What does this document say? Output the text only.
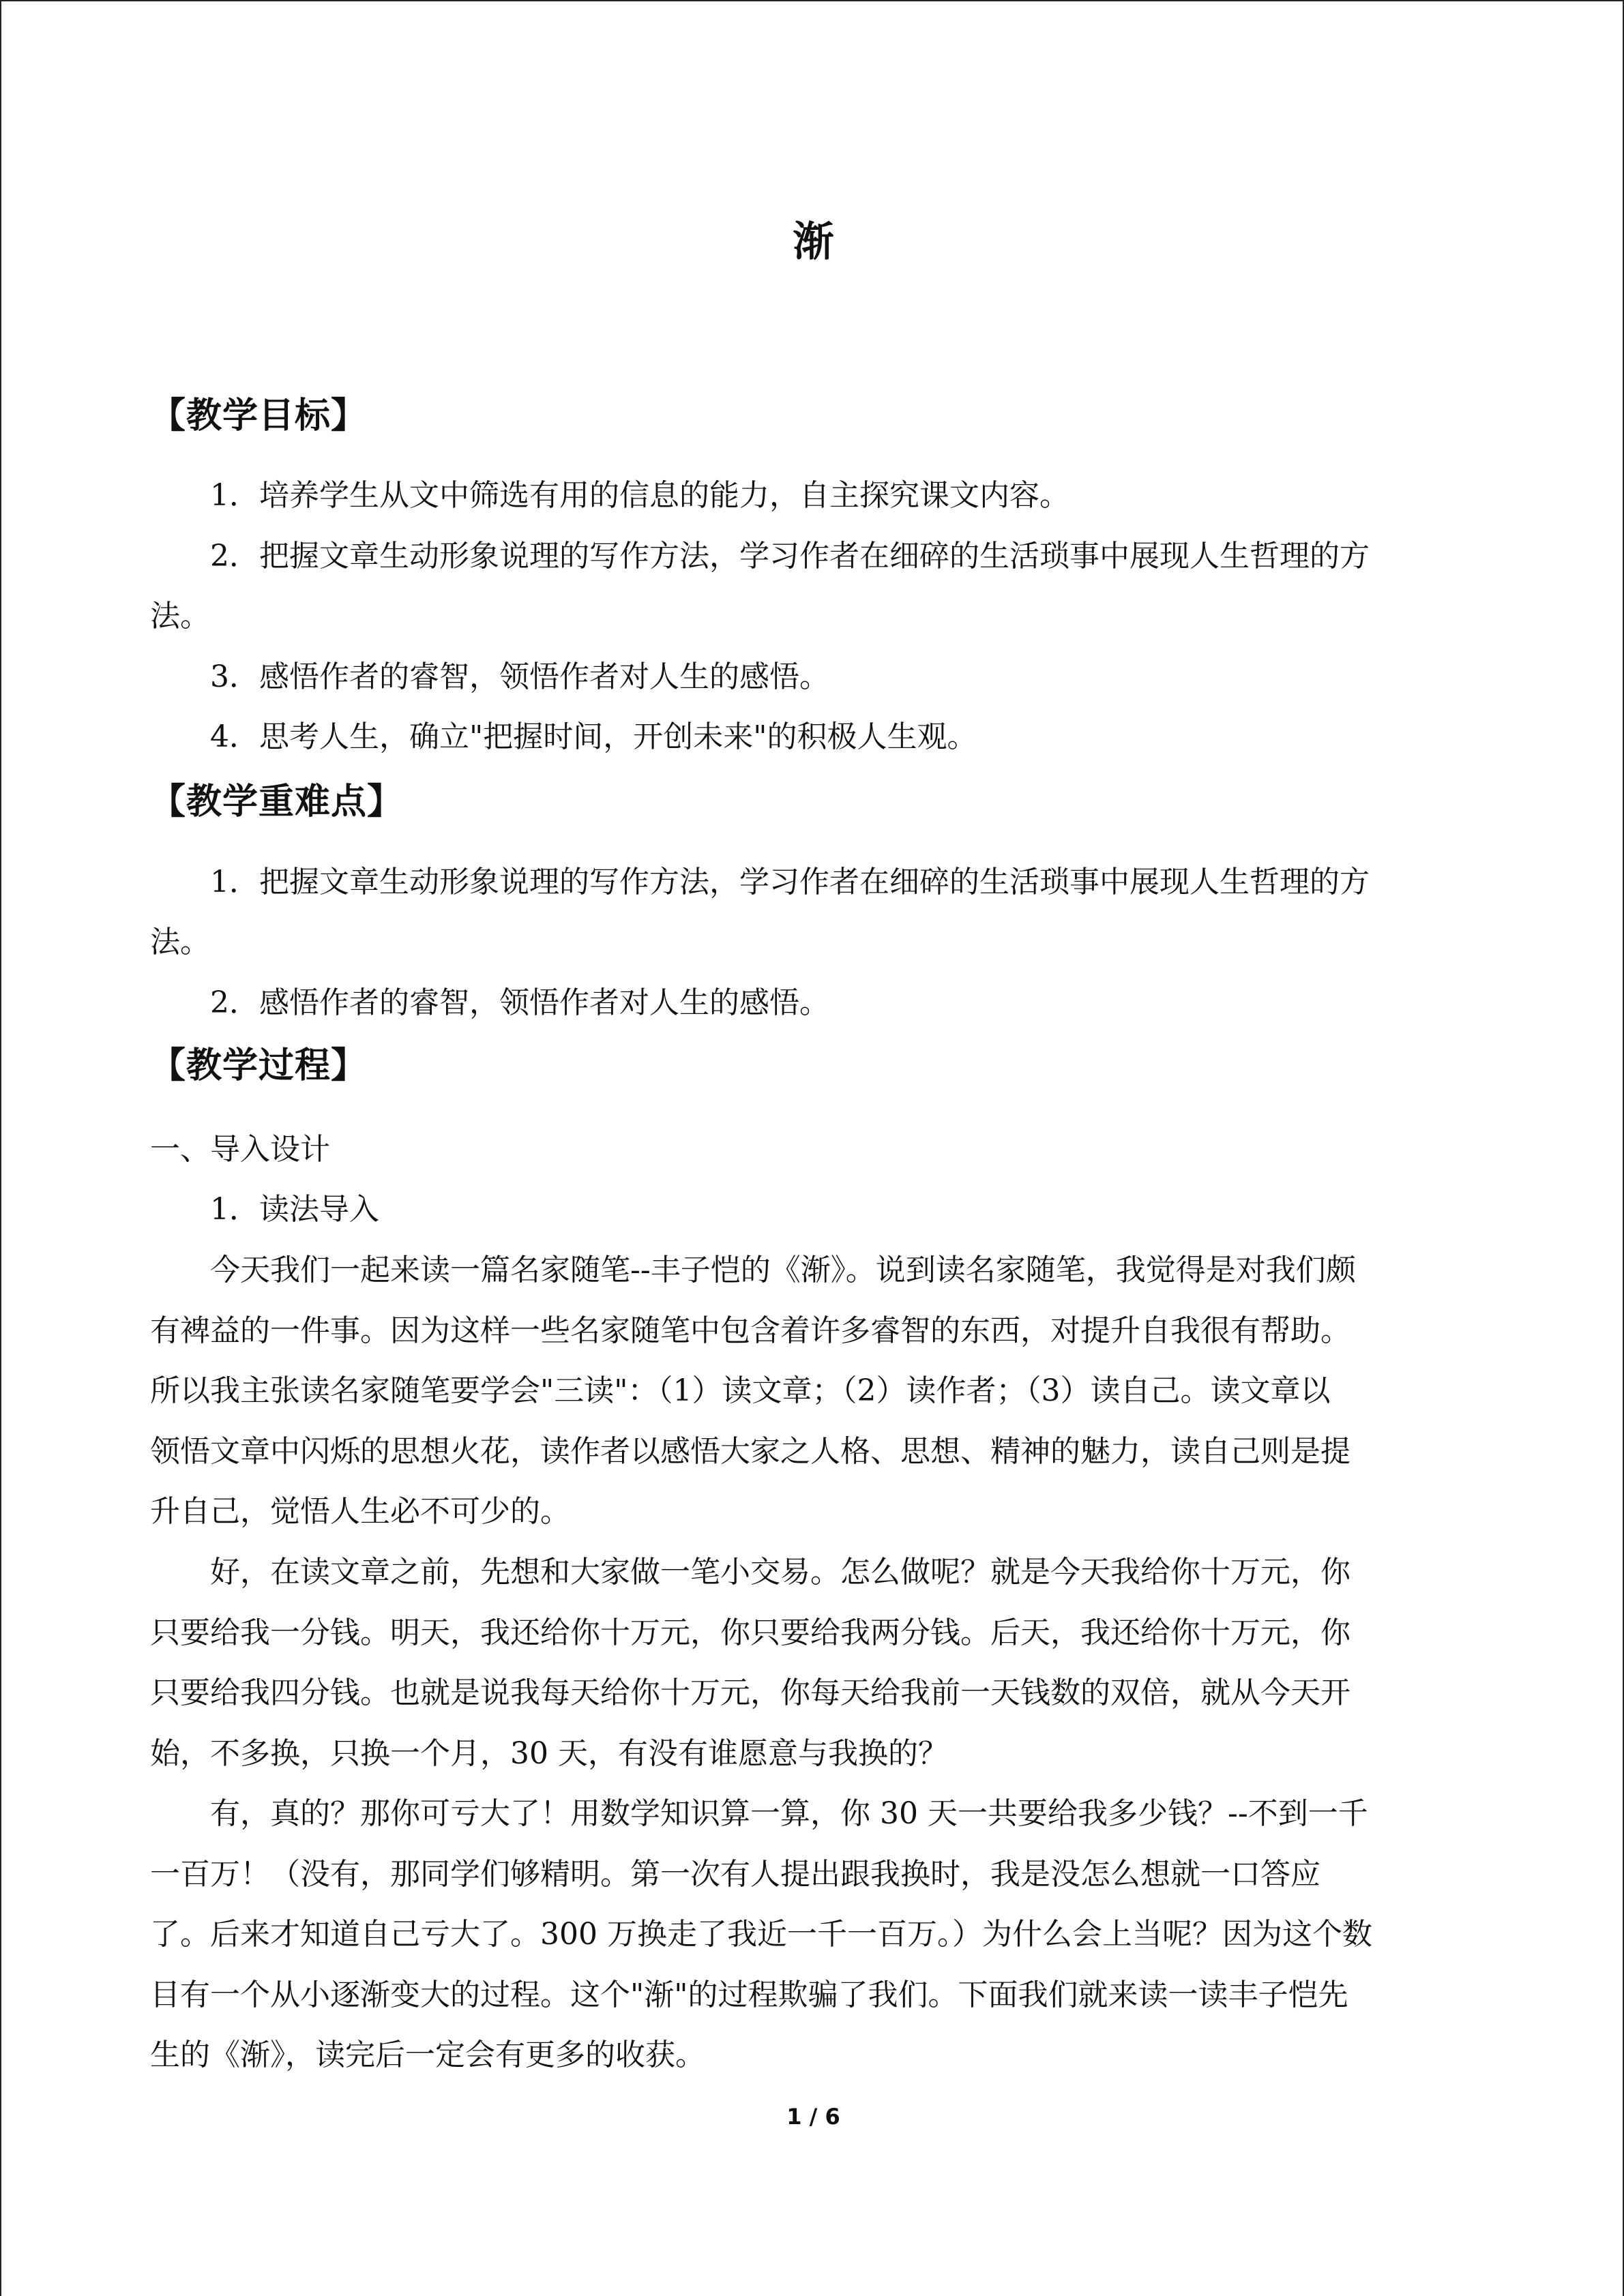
渐
【教学目标】
1．培养学生从文中筛选有用的信息的能力，自主探究课文内容。
2．把握文章生动形象说理的写作方法，学习作者在细碎的生活琐事中展现人生哲理的方
法。
3．感悟作者的睿智，领悟作者对人生的感悟。
4．思考人生，确立"把握时间，开创未来"的积极人生观。
【教学重难点】
1．把握文章生动形象说理的写作方法，学习作者在细碎的生活琐事中展现人生哲理的方
法。
2．感悟作者的睿智，领悟作者对人生的感悟。
【教学过程】
一、导入设计
1．读法导入
今天我们一起来读一篇名家随笔--丰子恺的《渐》。说到读名家随笔，我觉得是对我们颇
有裨益的一件事。因为这样一些名家随笔中包含着许多睿智的东西，对提升自我很有帮助。
所以我主张读名家随笔要学会"三读"：（1）读文章；（2）读作者；（3）读自己。读文章以
领悟文章中闪烁的思想火花，读作者以感悟大家之人格、思想、精神的魅力，读自己则是提
升自己，觉悟人生必不可少的。
好，在读文章之前，先想和大家做一笔小交易。怎么做呢？就是今天我给你十万元，你
只要给我一分钱。明天，我还给你十万元，你只要给我两分钱。后天，我还给你十万元，你
只要给我四分钱。也就是说我每天给你十万元，你每天给我前一天钱数的双倍，就从今天开
始，不多换，只换一个月，30 天，有没有谁愿意与我换的？
有，真的？那你可亏大了！用数学知识算一算，你 30 天一共要给我多少钱？--不到一千
一百万！（没有，那同学们够精明。第一次有人提出跟我换时，我是没怎么想就一口答应
了。后来才知道自己亏大了。300 万换走了我近一千一百万。）为什么会上当呢？因为这个数
目有一个从小逐渐变大的过程。这个"渐"的过程欺骗了我们。下面我们就来读一读丰子恺先
生的《渐》，读完后一定会有更多的收获。
1 / 6
